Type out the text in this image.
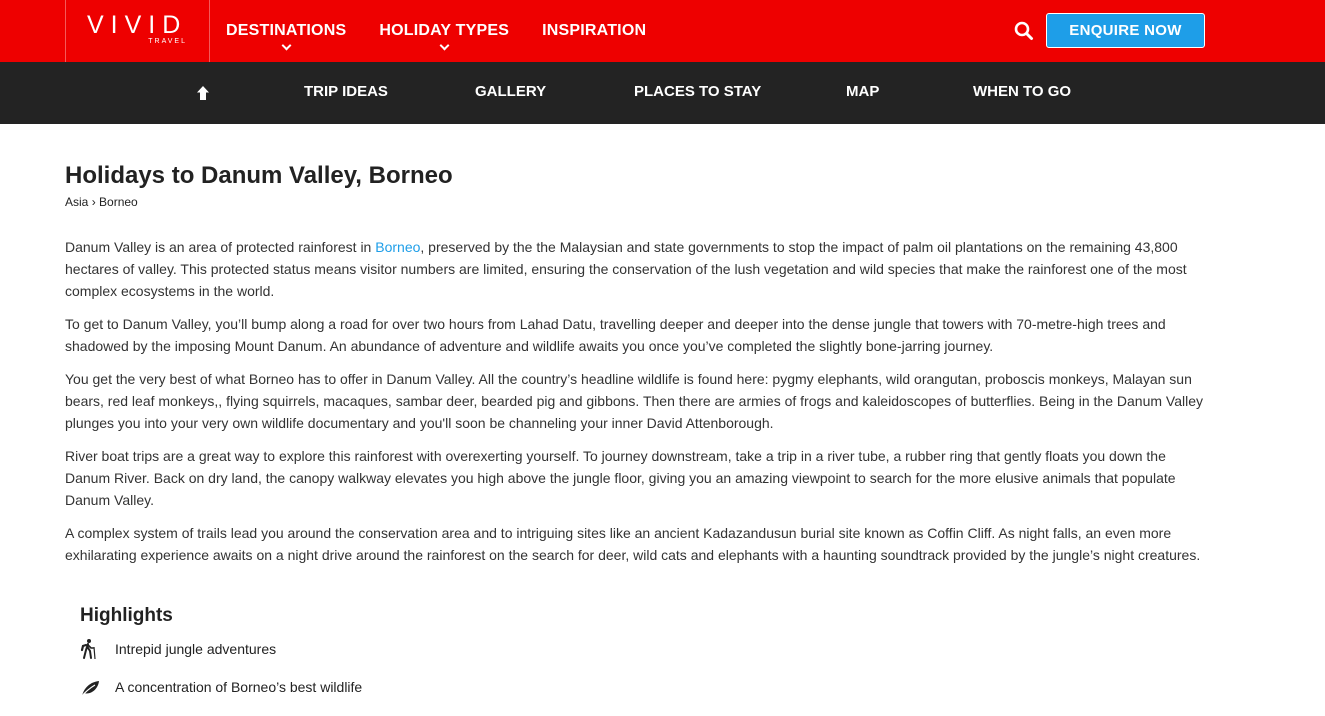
VIVID
TRAVEL
DESTINATIONS HOLIDAY TYPES INSPIRATION	ENQUIRE NOW
TRIP IDEAS	GALLERY	PLACES TO STAY	MAP	WHEN TO GO
Holidays to Danum Valley, Borneo
Asia › Borneo

Danum Valley is an area of protected rainforest in Borneo, preserved by the the Malaysian and state governments to stop the impact of palm oil plantations on the remaining 43,800 hectares of valley. This protected status means visitor numbers are limited, ensuring the conservation of the lush vegetation and wild species that make the rainforest one of the most complex ecosystems in the world.

To get to Danum Valley, you’ll bump along a road for over two hours from Lahad Datu, travelling deeper and deeper into the dense jungle that towers with 70-metre-high trees and shadowed by the imposing Mount Danum. An abundance of adventure and wildlife awaits you once you’ve completed the slightly bone-jarring journey.

You get the very best of what Borneo has to offer in Danum Valley. All the country’s headline wildlife is found here: pygmy elephants, wild orangutan, proboscis monkeys, Malayan sun bears, red leaf monkeys,, flying squirrels, macaques, sambar deer, bearded pig and gibbons. Then there are armies of frogs and kaleidoscopes of butterflies. Being in the Danum Valley plunges you into your very own wildlife documentary and you'll soon be channeling your inner David Attenborough.

River boat trips are a great way to explore this rainforest with overexerting yourself. To journey downstream, take a trip in a river tube, a rubber ring that gently floats you down the Danum River. Back on dry land, the canopy walkway elevates you high above the jungle floor, giving you an amazing viewpoint to search for the more elusive animals that populate Danum Valley.

A complex system of trails lead you around the conservation area and to intriguing sites like an ancient Kadazandusun burial site known as Coffin Cliff. As night falls, an even more exhilarating experience awaits on a night drive around the rainforest on the search for deer, wild cats and elephants with a haunting soundtrack provided by the jungle’s night creatures.

Highlights
Intrepid jungle adventures
A concentration of Borneo’s best wildlife
